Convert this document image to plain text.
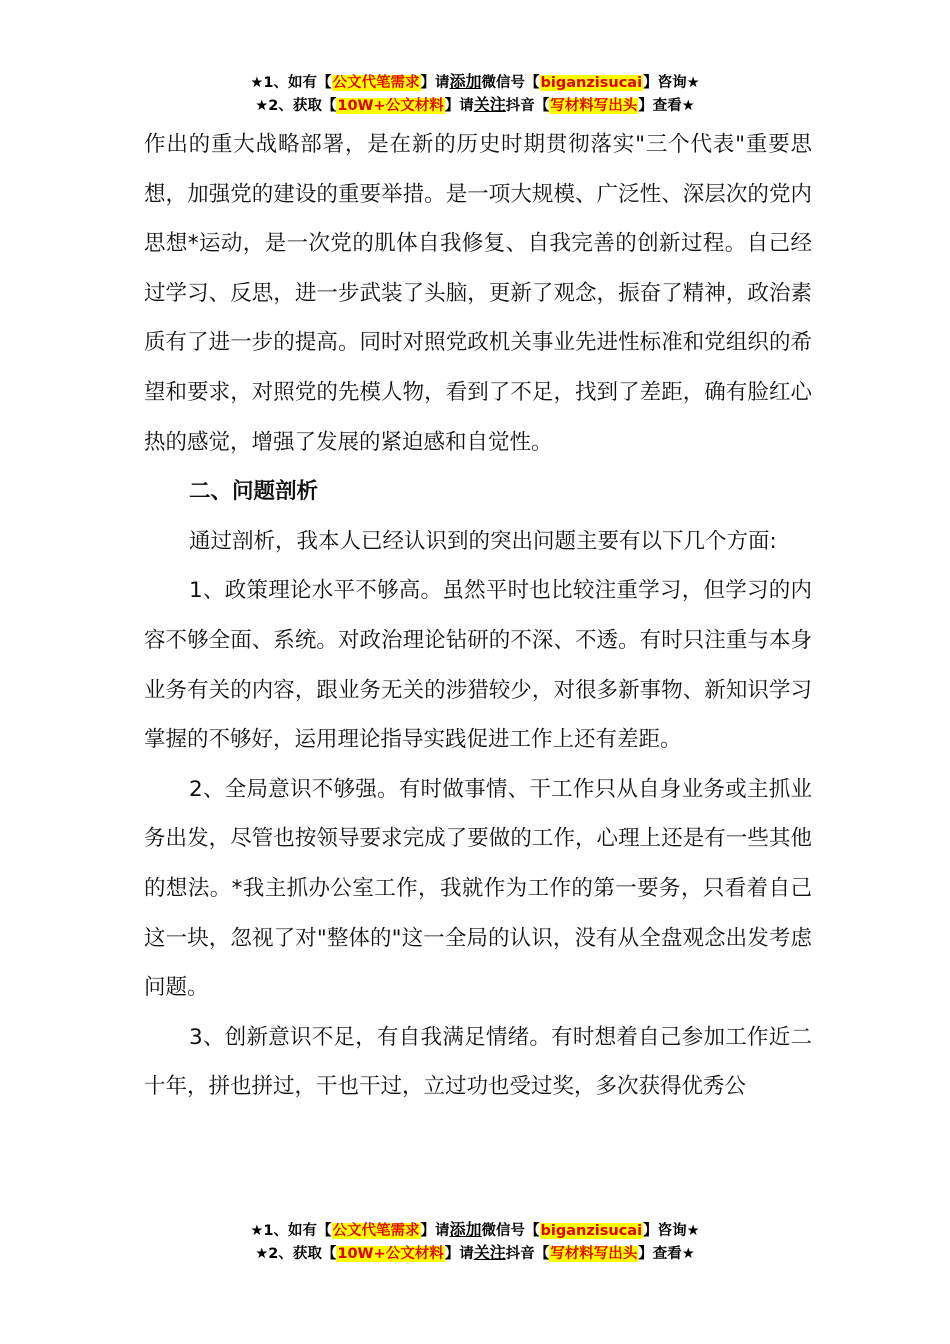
★1、如有【公文代笔需求】请添加微信号【biganzisucai】咨询★
★2、获取【10W+公文材料】请关注抖音【写材料写出头】查看★

作出的重大战略部署，是在新的历史时期贯彻落实"三个代表"重要思想，加强党的建设的重要举措。是一项大规模、广泛性、深层次的党内思想*运动，是一次党的肌体自我修复、自我完善的创新过程。自己经过学习、反思，进一步武装了头脑，更新了观念，振奋了精神，政治素质有了进一步的提高。同时对照党政机关事业先进性标准和党组织的希望和要求，对照党的先模人物，看到了不足，找到了差距，确有脸红心热的感觉，增强了发展的紧迫感和自觉性。

二、问题剖析

通过剖析，我本人已经认识到的突出问题主要有以下几个方面:

1、政策理论水平不够高。虽然平时也比较注重学习，但学习的内容不够全面、系统。对政治理论钻研的不深、不透。有时只注重与本身业务有关的内容，跟业务无关的涉猎较少，对很多新事物、新知识学习掌握的不够好，运用理论指导实践促进工作上还有差距。

2、全局意识不够强。有时做事情、干工作只从自身业务或主抓业务出发，尽管也按领导要求完成了要做的工作，心理上还是有一些其他的想法。*我主抓办公室工作，我就作为工作的第一要务，只看着自己这一块，忽视了对"整体的"这一全局的认识，没有从全盘观念出发考虑问题。

3、创新意识不足，有自我满足情绪。有时想着自己参加工作近二十年，拼也拼过，干也干过，立过功也受过奖，多次获得优秀公

★1、如有【公文代笔需求】请添加微信号【biganzisucai】咨询★
★2、获取【10W+公文材料】请关注抖音【写材料写出头】查看★
